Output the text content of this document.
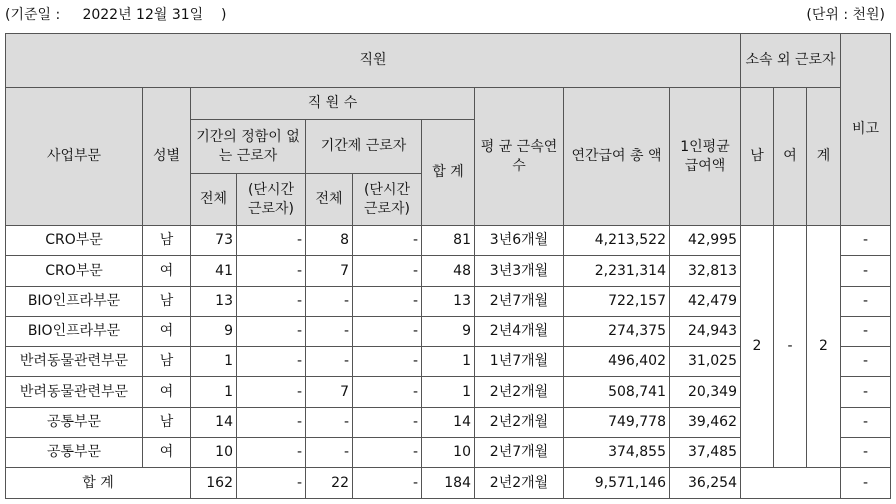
(기준일 :     2022년 12월 31일    )	(단위 : 천원)
직원										소속 외 근로자			비고
사업부문	성별	직 원 수					평 균 근속연수	연간급여 총 액	1인평균 급여액	남	여	계	
		기간의 정함이 없는 근로자		기간제 근로자		합 계							
		전체	(단시간 근로자)	전체	(단시간 근로자)								
CRO부문	남	73	-	8	-	81	3년6개월	4,213,522	42,995	2	-	2	-
CRO부문	여	41	-	7	-	48	3년3개월	2,231,314	32,813				-
BIO인프라부문	남	13	-	-	-	13	2년7개월	722,157	42,479				-
BIO인프라부문	여	9	-	-	-	9	2년4개월	274,375	24,943				-
반려동물관련부문	남	1	-	-	-	1	1년7개월	496,402	31,025				-
반려동물관련부문	여	1	-	7	-	1	2년2개월	508,741	20,349				-
공통부문	남	14	-	-	-	14	2년2개월	749,778	39,462				-
공통부문	여	10	-	-	-	10	2년7개월	374,855	37,485				-
합 계		162	-	22	-	184	2년2개월	9,571,146	36,254				-
